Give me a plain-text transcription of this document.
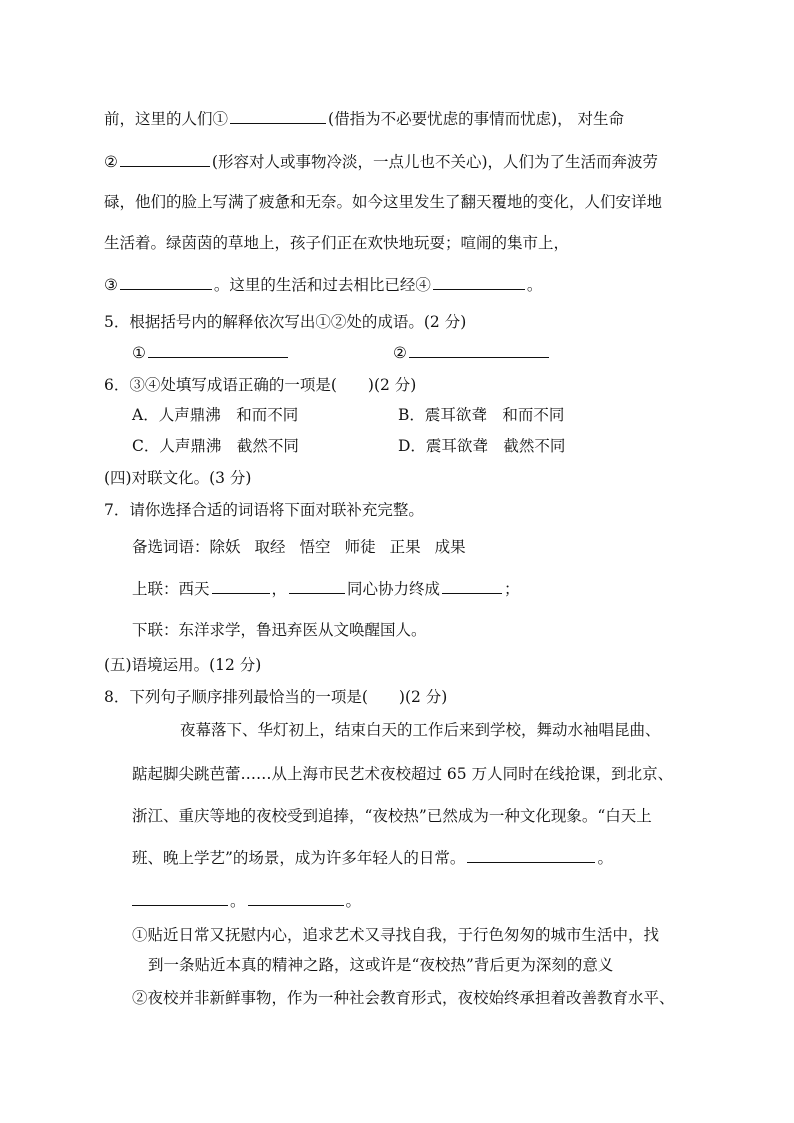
前，这里的人们①	(借指为不必要忧虑的事情而忧虑)， 对生命
②	(形容对人或事物冷淡，一点儿也不关心)，人们为了生活而奔波劳
碌，他们的脸上写满了疲惫和无奈。如今这里发生了翻天覆地的变化，人们安详地
生活着。绿茵茵的草地上，孩子们正在欢快地玩耍；喧闹的集市上，
③	。这里的生活和过去相比已经④	。
5．根据括号内的解释依次写出①②处的成语。(2 分)
①	②
6．③④处填写成语正确的一项是(　　)(2 分)
A．人声鼎沸　和而不同	B．震耳欲聋　和而不同
C．人声鼎沸　截然不同	D．震耳欲聋　截然不同
(四)对联文化。(3 分)
7．请你选择合适的词语将下面对联补充完整。
备选词语：除妖 取经 悟空 师徒 正果 成果
上联：西天	，	同心协力终成	；
下联：东洋求学，鲁迅弃医从文唤醒国人。
(五)语境运用。(12 分)
8．下列句子顺序排列最恰当的一项是(　　)(2 分)
夜幕落下、华灯初上，结束白天的工作后来到学校，舞动水袖唱昆曲、
踮起脚尖跳芭蕾……从上海市民艺术夜校超过 65 万人同时在线抢课，到北京、
浙江、重庆等地的夜校受到追捧，“夜校热”已然成为一种文化现象。“白天上
班、晚上学艺”的场景，成为许多年轻人的日常。	。
。	。
①贴近日常又抚慰内心，追求艺术又寻找自我，于行色匆匆的城市生活中，找
到一条贴近本真的精神之路，这或许是“夜校热”背后更为深刻的意义
②夜校并非新鲜事物，作为一种社会教育形式，夜校始终承担着改善教育水平、
